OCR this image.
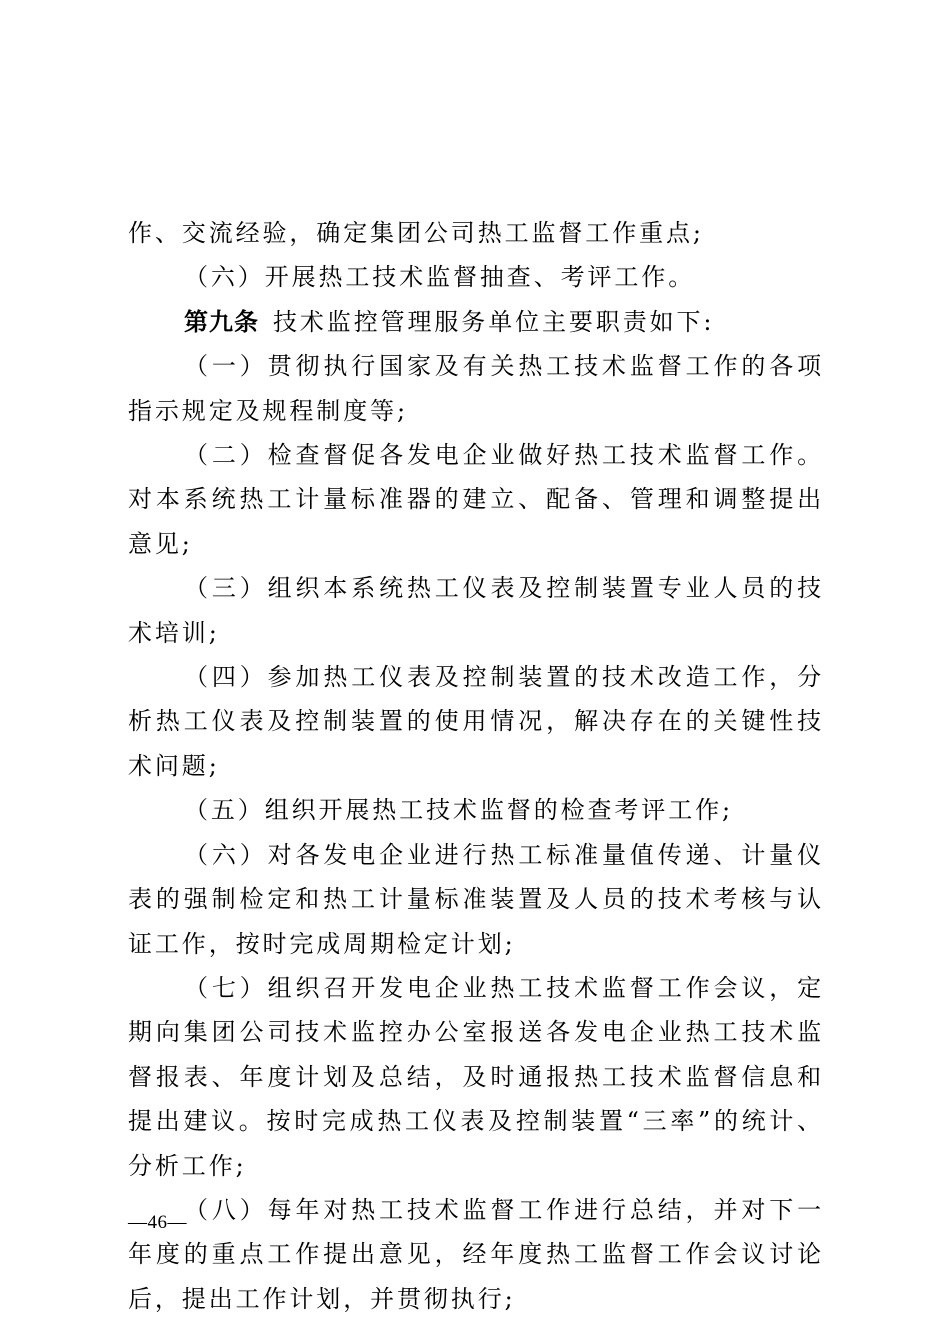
作、交流经验，确定集团公司热工监督工作重点;

（六）开展热工技术监督抽查、考评工作。

第九条 技术监控管理服务单位主要职责如下:

（一）贯彻执行国家及有关热工技术监督工作的各项指示规定及规程制度等;

（二）检查督促各发电企业做好热工技术监督工作。对本系统热工计量标准器的建立、配备、管理和调整提出意见;

（三）组织本系统热工仪表及控制装置专业人员的技术培训;

（四）参加热工仪表及控制装置的技术改造工作，分析热工仪表及控制装置的使用情况，解决存在的关键性技术问题;

（五）组织开展热工技术监督的检查考评工作;

（六）对各发电企业进行热工标准量值传递、计量仪表的强制检定和热工计量标准装置及人员的技术考核与认证工作，按时完成周期检定计划;

（七）组织召开发电企业热工技术监督工作会议，定期向集团公司技术监控办公室报送各发电企业热工技术监督报表、年度计划及总结，及时通报热工技术监督信息和提出建议。按时完成热工仪表及控制装置“三率”的统计、分析工作;

（八）每年对热工技术监督工作进行总结，并对下一年度的重点工作提出意见，经年度热工监督工作会议讨论后，提出工作计划，并贯彻执行;

—46—
